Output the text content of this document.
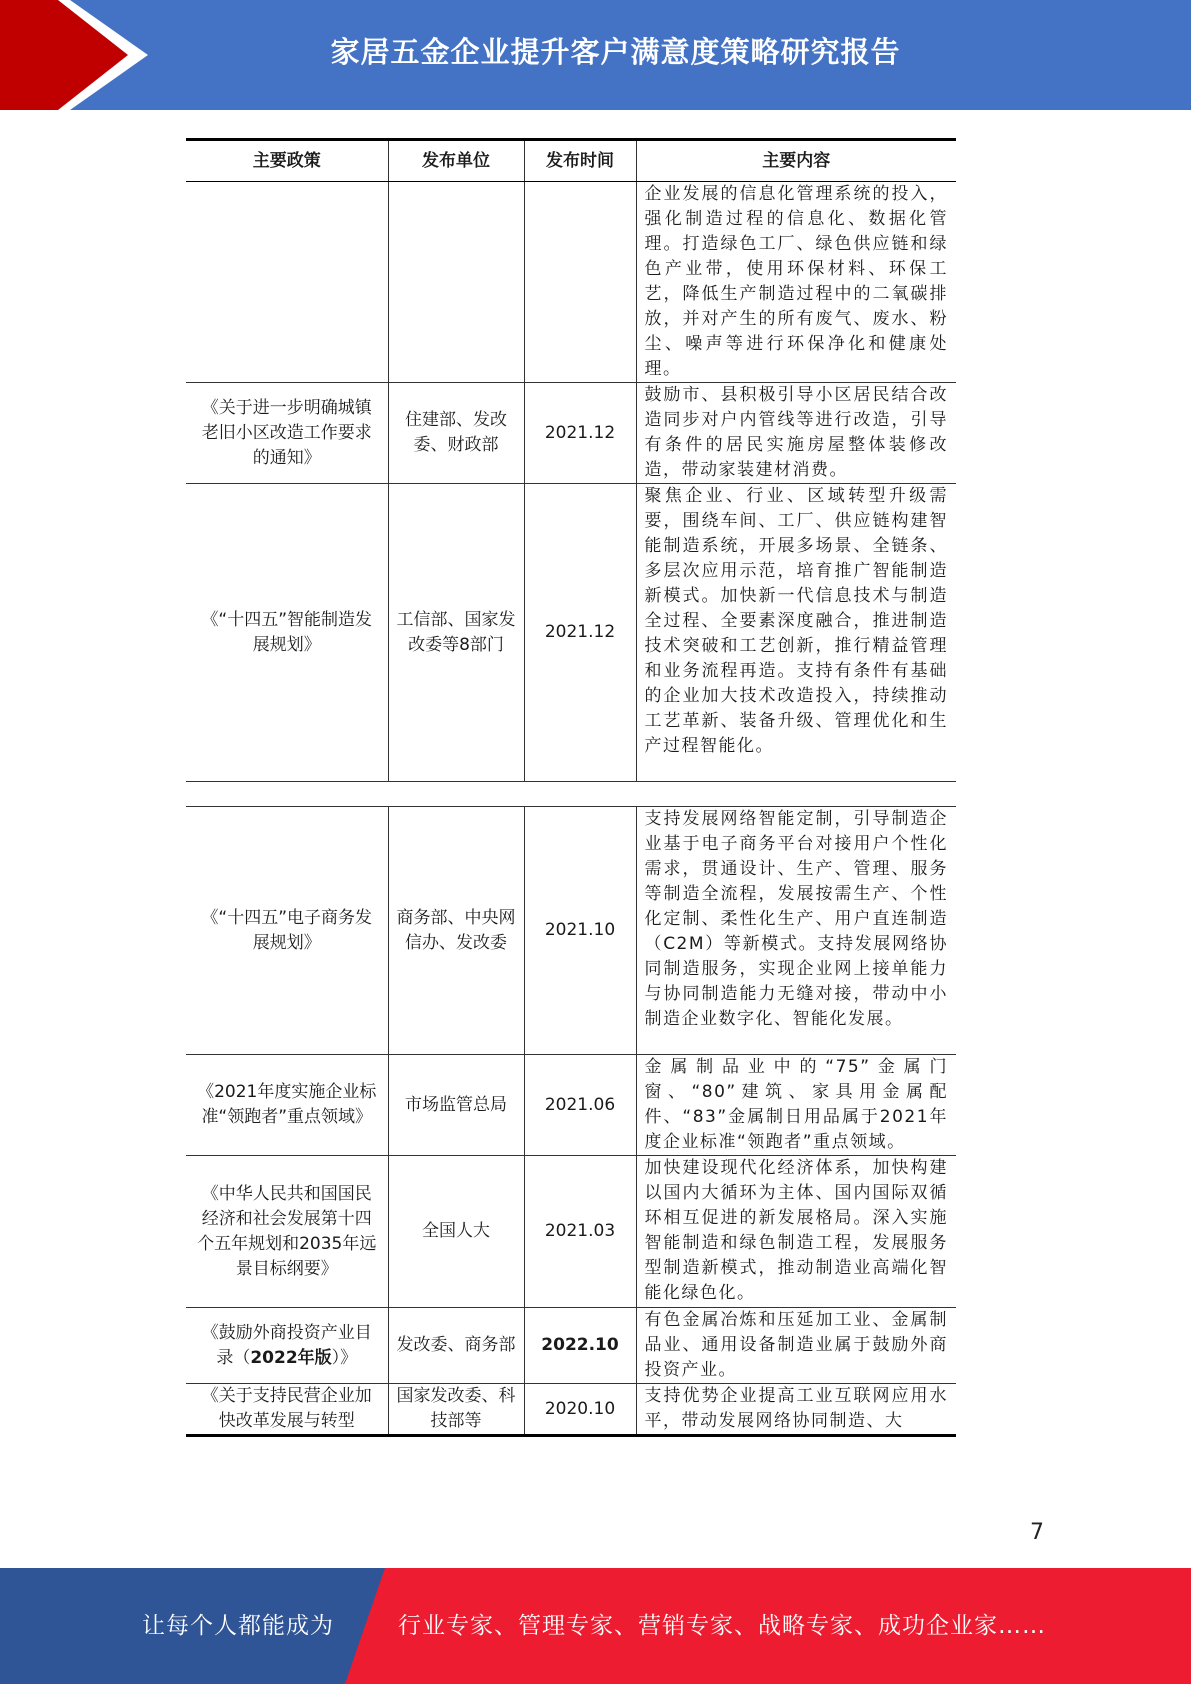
家居五金企业提升客户满意度策略研究报告
主要政策	发布单位	发布时间	主要内容
			企业发展的信息化管理系统的投入，强化制造过程的信息化、数据化管理。打造绿色工厂、绿色供应链和绿色产业带，使用环保材料、环保工艺，降低生产制造过程中的二氧碳排放，并对产生的所有废气、废水、粉尘、噪声等进行环保净化和健康处理。
《关于进一步明确城镇老旧小区改造工作要求的通知》	住建部、发改委、财政部	2021.12	鼓励市、县积极引导小区居民结合改造同步对户内管线等进行改造，引导有条件的居民实施房屋整体装修改造，带动家装建材消费。
《“十四五”智能制造发展规划》	工信部、国家发改委等8部门	2021.12	聚焦企业、行业、区域转型升级需要，围绕车间、工厂、供应链构建智能制造系统，开展多场景、全链条、多层次应用示范，培育推广智能制造新模式。加快新一代信息技术与制造全过程、全要素深度融合，推进制造技术突破和工艺创新，推行精益管理和业务流程再造。支持有条件有基础的企业加大技术改造投入，持续推动工艺革新、装备升级、管理优化和生产过程智能化。
《“十四五”电子商务发展规划》	商务部、中央网信办、发改委	2021.10	支持发展网络智能定制，引导制造企业基于电子商务平台对接用户个性化需求，贯通设计、生产、管理、服务等制造全流程，发展按需生产、个性化定制、柔性化生产、用户直连制造（C2M）等新模式。支持发展网络协同制造服务，实现企业网上接单能力与协同制造能力无缝对接，带动中小制造企业数字化、智能化发展。
《2021年度实施企业标准“领跑者”重点领域》	市场监管总局	2021.06	金属制品业中的“75”金属门窗、“80”建筑、家具用金属配件、“83”金属制日用品属于2021年度企业标准“领跑者”重点领域。
《中华人民共和国国民经济和社会发展第十四个五年规划和2035年远景目标纲要》	全国人大	2021.03	加快建设现代化经济体系，加快构建以国内大循环为主体、国内国际双循环相互促进的新发展格局。深入实施智能制造和绿色制造工程，发展服务型制造新模式，推动制造业高端化智能化绿色化。
《鼓励外商投资产业目录（2022年版）》	发改委、商务部	2022.10	有色金属冶炼和压延加工业、金属制品业、通用设备制造业属于鼓励外商投资产业。
《关于支持民营企业加快改革发展与转型	国家发改委、科技部等	2020.10	支持优势企业提高工业互联网应用水平，带动发展网络协同制造、大
7
让每个人都能成为	行业专家、管理专家、营销专家、战略专家、成功企业家……
